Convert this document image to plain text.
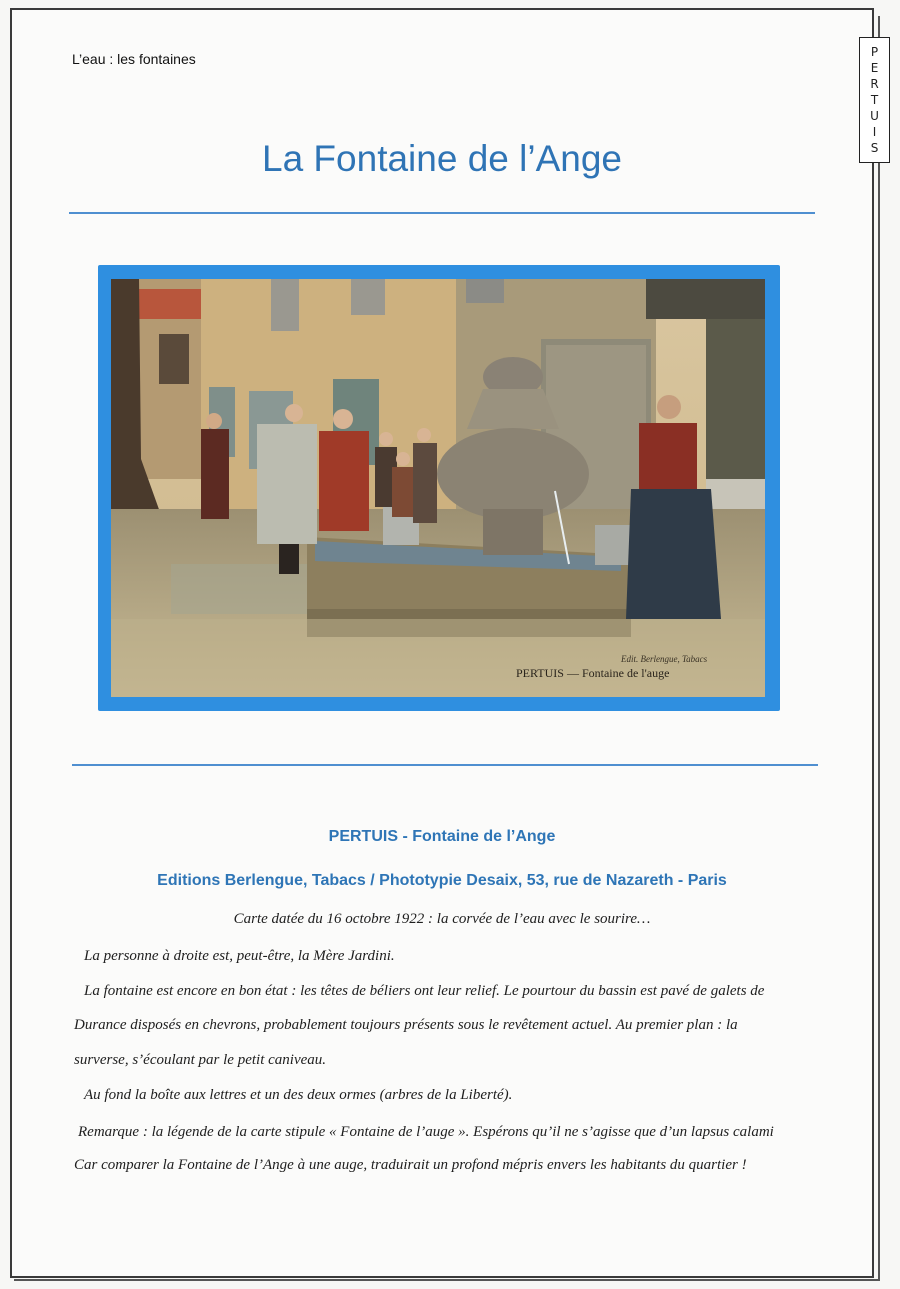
P
E
R
T
U
I
S
L’eau : les fontaines
La Fontaine de l’Ange
Edit. Berlengue, Tabacs
PERTUIS — Fontaine de l'auge
PERTUIS - Fontaine de l’Ange
Editions Berlengue, Tabacs / Phototypie Desaix, 53, rue de Nazareth - Paris
Carte datée du 16 octobre 1922 : la corvée de l’eau avec le sourire…
La personne à droite est, peut-être, la Mère Jardini.
La fontaine est encore en bon état : les têtes de béliers ont leur relief. Le pourtour du bassin est pavé de galets de
Durance disposés en chevrons, probablement toujours présents sous le revêtement actuel. Au premier plan : la
surverse, s’écoulant par le petit caniveau.
Au fond la boîte aux lettres et un des deux ormes (arbres de la Liberté).
Remarque : la légende de la carte stipule « Fontaine de l’auge ». Espérons qu’il ne s’agisse que d’un lapsus calami
Car comparer la Fontaine de l’Ange à une auge, traduirait un profond mépris envers les habitants du quartier !
